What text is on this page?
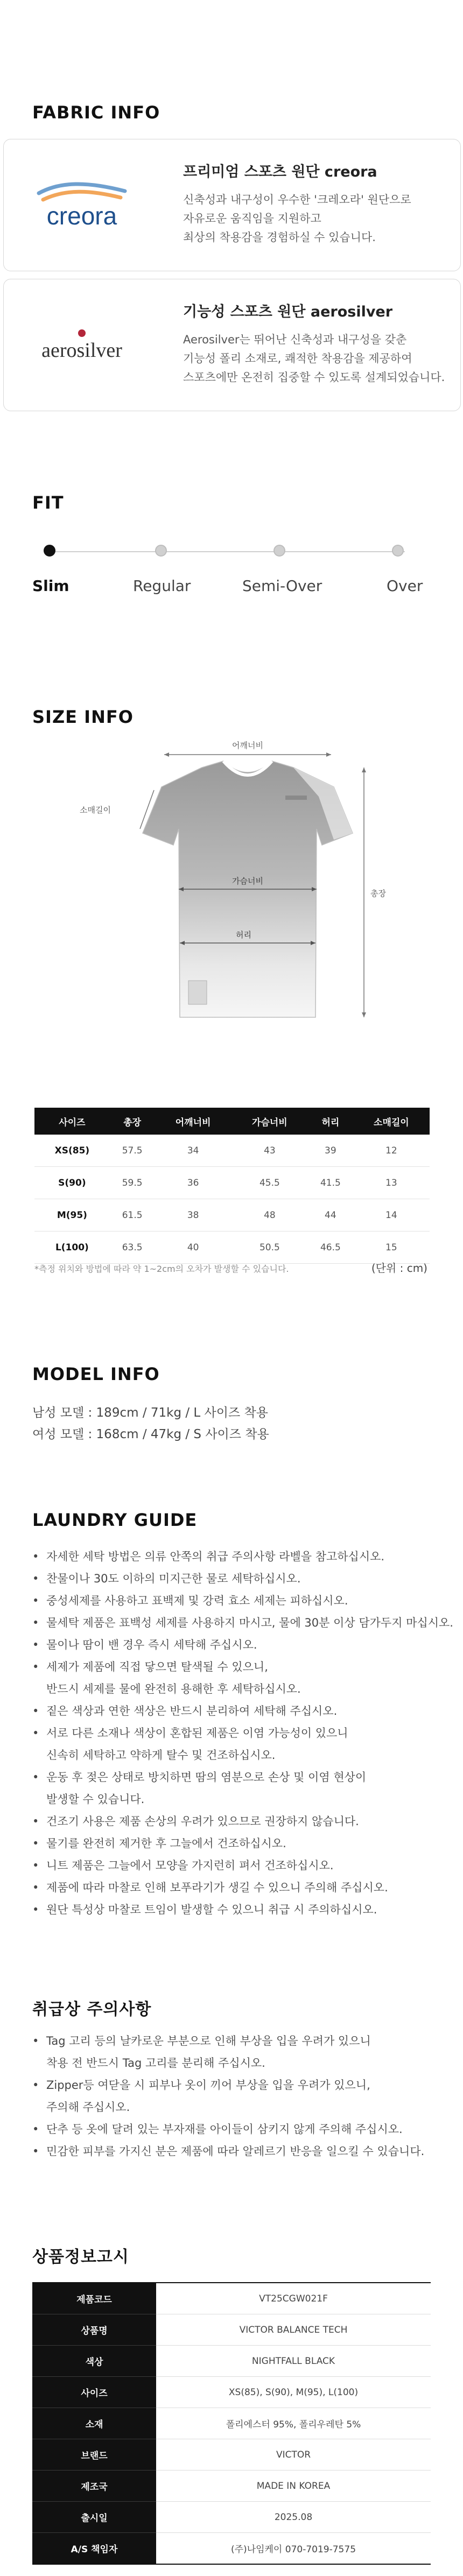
FABRIC INFO
creora
프리미엄 스포츠 원단 creora
신축성과 내구성이 우수한 '크레오라' 원단으로
자유로운 움직임을 지원하고
최상의 착용감을 경험하실 수 있습니다.
aerosilver
기능성 스포츠 원단 aerosilver
Aerosilver는 뛰어난 신축성과 내구성을 갖춘
기능성 폴리 소재로, 쾌적한 착용감을 제공하여
스포츠에만 온전히 집중할 수 있도록 설계되었습니다.
FIT
Slim	Regular	Semi-Over	Over
SIZE INFO
어깨너비
소매길이
가슴너비
허리
총장
사이즈	총장	어깨너비	가슴너비	허리	소매길이
XS(85)	57.5	34	43	39	12
S(90)	59.5	36	45.5	41.5	13
M(95)	61.5	38	48	44	14
L(100)	63.5	40	50.5	46.5	15
*측정 위치와 방법에 따라 약 1~2cm의 오차가 발생할 수 있습니다.	(단위 : cm)
MODEL INFO
남성 모델 : 189cm / 71kg / L 사이즈 착용
여성 모델 : 168cm / 47kg / S 사이즈 착용
LAUNDRY GUIDE
• 자세한 세탁 방법은 의류 안쪽의 취급 주의사항 라벨을 참고하십시오.
• 찬물이나 30도 이하의 미지근한 물로 세탁하십시오.
• 중성세제를 사용하고 표백제 및 강력 효소 세제는 피하십시오.
• 물세탁 제품은 표백성 세제를 사용하지 마시고, 물에 30분 이상 담가두지 마십시오.
• 물이나 땀이 밴 경우 즉시 세탁해 주십시오.
• 세제가 제품에 직접 닿으면 탈색될 수 있으니,
반드시 세제를 물에 완전히 용해한 후 세탁하십시오.
• 짙은 색상과 연한 색상은 반드시 분리하여 세탁해 주십시오.
• 서로 다른 소재나 색상이 혼합된 제품은 이염 가능성이 있으니
신속히 세탁하고 약하게 탈수 및 건조하십시오.
• 운동 후 젖은 상태로 방치하면 땀의 염분으로 손상 및 이염 현상이
발생할 수 있습니다.
• 건조기 사용은 제품 손상의 우려가 있으므로 권장하지 않습니다.
• 물기를 완전히 제거한 후 그늘에서 건조하십시오.
• 니트 제품은 그늘에서 모양을 가지런히 펴서 건조하십시오.
• 제품에 따라 마찰로 인해 보푸라기가 생길 수 있으니 주의해 주십시오.
• 원단 특성상 마찰로 트임이 발생할 수 있으니 취급 시 주의하십시오.
취급상 주의사항
• Tag 고리 등의 날카로운 부분으로 인해 부상을 입을 우려가 있으니
착용 전 반드시 Tag 고리를 분리해 주십시오.
• Zipper등 여닫을 시 피부나 옷이 끼어 부상을 입을 우려가 있으니,
주의해 주십시오.
• 단추 등 옷에 달려 있는 부자재를 아이들이 삼키지 않게 주의해 주십시오.
• 민감한 피부를 가지신 분은 제품에 따라 알레르기 반응을 일으킬 수 있습니다.
상품정보고시
제품코드	VT25CGW021F
상품명	VICTOR BALANCE TECH
색상	NIGHTFALL BLACK
사이즈	XS(85), S(90), M(95), L(100)
소재	폴리에스터 95%, 폴리우레탄 5%
브랜드	VICTOR
제조국	MADE IN KOREA
출시일	2025.08
A/S 책임자	(주)나임케이 070-7019-7575
